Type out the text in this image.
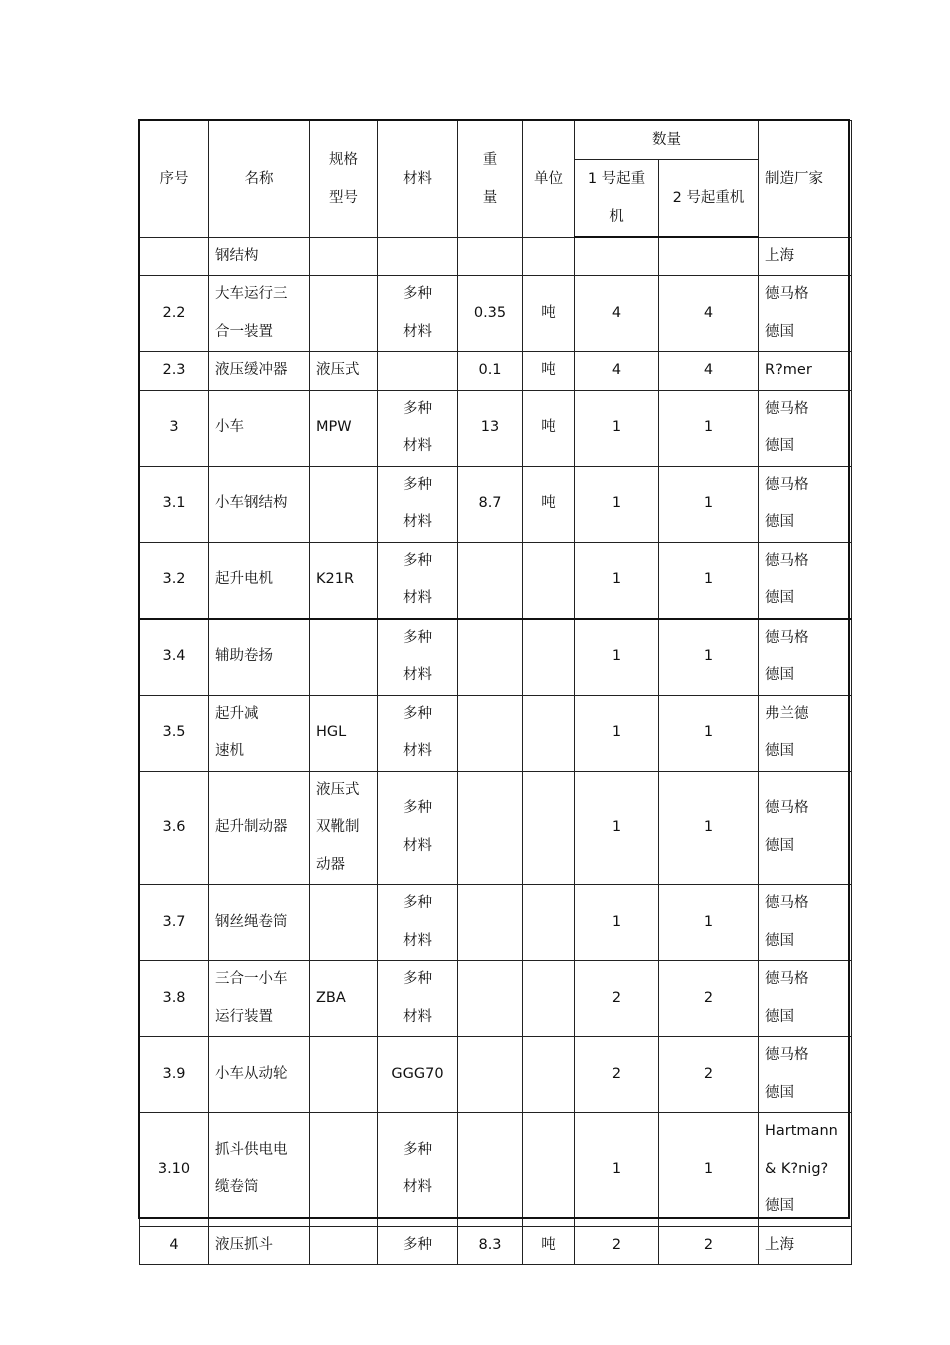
序号	名称	规格
型号	材料	重
量	单位	数量		制造厂家
						1 号起重机	2 号起重机	

	钢结构							上海

2.2	大车运行三
合一装置		多种
材料	0.35	吨	4	4	德马格
德国

2.3	液压缓冲器	液压式		0.1	吨	4	4	R?mer

3	小车	MPW	多种
材料	13	吨	1	1	德马格
德国

3.1	小车钢结构		多种
材料	8.7	吨	1	1	德马格
德国

3.2	起升电机	K21R	多种
材料			1	1	德马格
德国

3.4	辅助卷扬		多种
材料			1	1	德马格
德国

3.5	起升减
速机	HGL	多种
材料			1	1	弗兰德
德国

3.6	起升制动器	液压式
双靴制
动器	多种
材料			1	1	德马格
德国

3.7	钢丝绳卷筒		多种
材料			1	1	德马格
德国

3.8	三合一小车
运行装置	ZBA	多种
材料			2	2	德马格
德国

3.9	小车从动轮		GGG70			2	2	德马格
德国

3.10	抓斗供电电
缆卷筒		多种
材料			1	1	Hartmann
& K?nig?
德国

4	液压抓斗		多种	8.3	吨	2	2	上海
